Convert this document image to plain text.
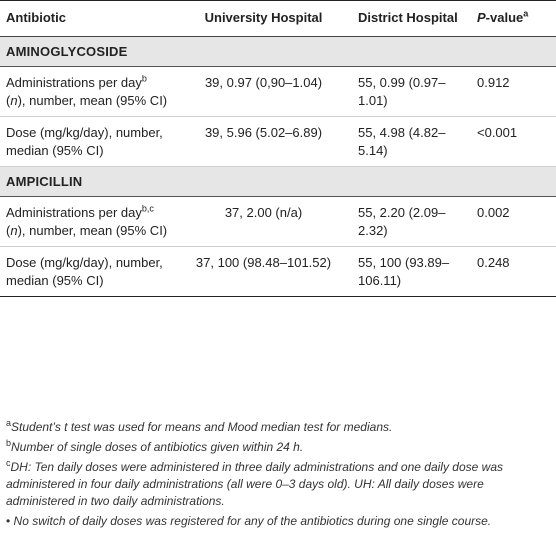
Antibiotic	University Hospital	District Hospital	P-value$^a$
AMINOGLYCOSIDE			
Administrations per day$^b$ (n), number, mean (95% CI)	39, 0.97 (0,90–1.04)	55, 0.99 (0.97–1.01)	0.912
Dose (mg/kg/day), number, median (95% CI)	39, 5.96 (5.02–6.89)	55, 4.98 (4.82–5.14)	<0.001
AMPICILLIN			
Administrations per day$^{b,c}$ (n), number, mean (95% CI)	37, 2.00 (n/a)	55, 2.20 (2.09–2.32)	0.002
Dose (mg/kg/day), number, median (95% CI)	37, 100 (98.48–101.52)	55, 100 (93.89–106.11)	0.248

$^a$Student’s t test was used for means and Mood median test for medians.

$^b$Number of single doses of antibiotics given within 24 h.

$^c$DH: Ten daily doses were administered in three daily administrations and one daily dose was administered in four daily administrations (all were 0–3 days old). UH: All daily doses were administered in two daily administrations.

• No switch of daily doses was registered for any of the antibiotics during one single course.
